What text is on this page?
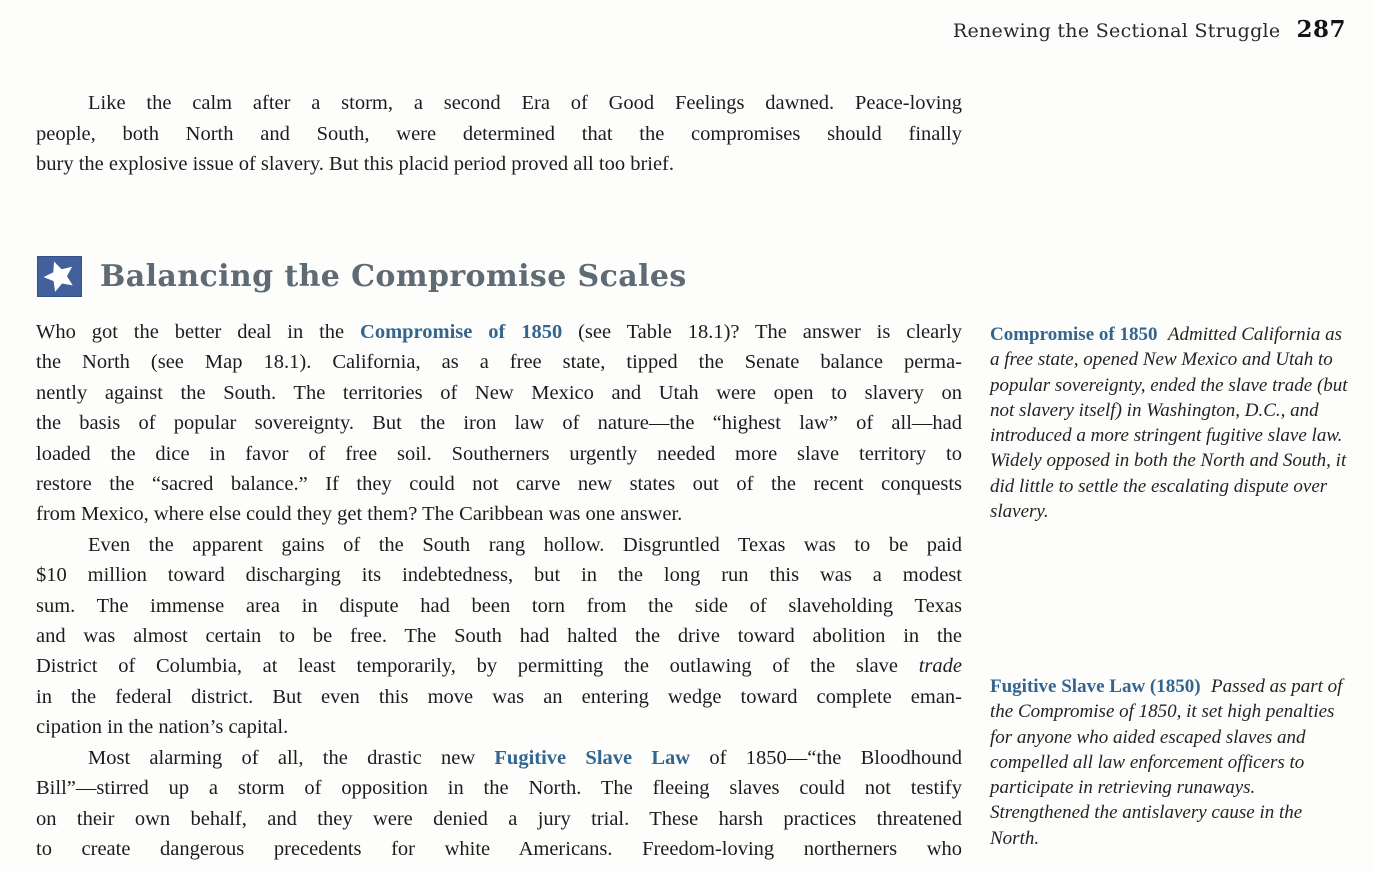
Renewing the Sectional Struggle 287
Like the calm after a storm, a second Era of Good Feelings dawned. Peace-loving
people, both North and South, were determined that the compromises should finally
bury the explosive issue of slavery. But this placid period proved all too brief.
Balancing the Compromise Scales
Who got the better deal in the Compromise of 1850 (see Table 18.1)? The answer is clearly
the North (see Map 18.1). California, as a free state, tipped the Senate balance perma-
nently against the South. The territories of New Mexico and Utah were open to slavery on
the basis of popular sovereignty. But the iron law of nature—the “highest law” of all—had
loaded the dice in favor of free soil. Southerners urgently needed more slave territory to
restore the “sacred balance.” If they could not carve new states out of the recent conquests
from Mexico, where else could they get them? The Caribbean was one answer.
Even the apparent gains of the South rang hollow. Disgruntled Texas was to be paid
$10 million toward discharging its indebtedness, but in the long run this was a modest
sum. The immense area in dispute had been torn from the side of slaveholding Texas
and was almost certain to be free. The South had halted the drive toward abolition in the
District of Columbia, at least temporarily, by permitting the outlawing of the slave trade
in the federal district. But even this move was an entering wedge toward complete eman-
cipation in the nation’s capital.
Most alarming of all, the drastic new Fugitive Slave Law of 1850—“the Bloodhound
Bill”—stirred up a storm of opposition in the North. The fleeing slaves could not testify
on their own behalf, and they were denied a jury trial. These harsh practices threatened
to create dangerous precedents for white Americans. Freedom-loving northerners who
Compromise of 1850 Admitted California as a free state, opened New Mexico and Utah to popular sovereignty, ended the slave trade (but not slavery itself) in Washington, D.C., and introduced a more stringent fugitive slave law. Widely opposed in both the North and South, it did little to settle the escalating dispute over slavery.
Fugitive Slave Law (1850) Passed as part of the Compromise of 1850, it set high penalties for anyone who aided escaped slaves and compelled all law enforcement officers to participate in retrieving runaways. Strengthened the antislavery cause in the North.
